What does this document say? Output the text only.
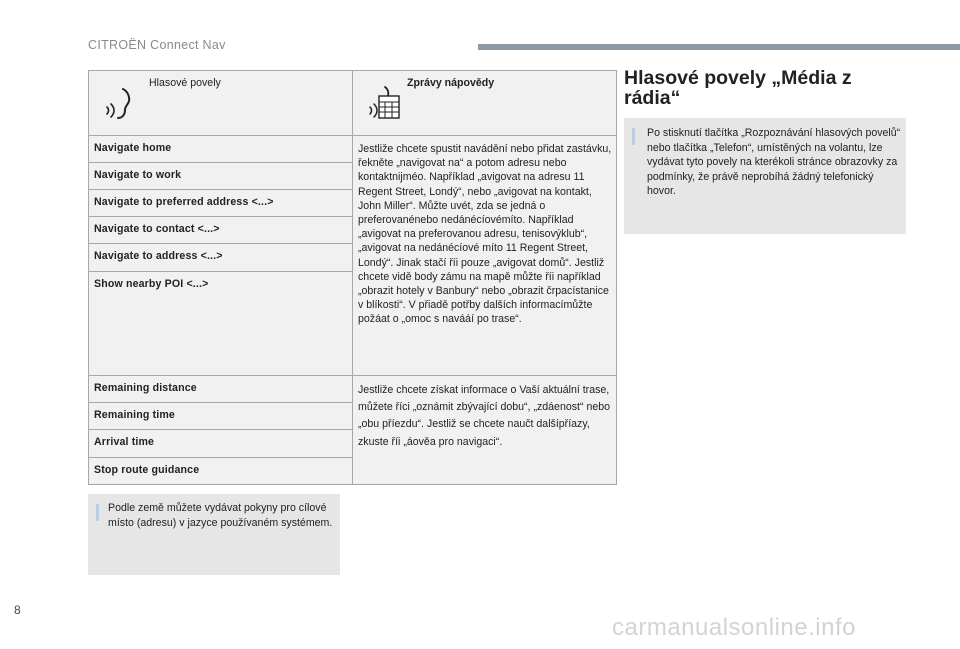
CITROËN Connect Nav
Hlasové povely	Zprávy nápovědy

Navigate home	Jestliže chcete spustit navádění nebo přidat zastávku, řekněte „navigovat na“ a potom adresu nebo kontaktnijméo. Například „avigovat na adresu 11 Regent Street, Londý“, nebo „avigovat na kontakt, John Miller“. Můžte uvét, zda se jedná o preferovanénebo nedánécíovémíto. Například „avigovat na preferovanou adresu, tenisovýklub“, „avigovat na nedánécíové míto 11 Regent Street, Londý“. Jinak stačí říi pouze „avigovat domů“. Jestliž chcete vidě body zámu na mapě můžte říi například „obrazit hotely v Banbury“ nebo „obrazit črpacístanice v blíkosti“. V přiadě potřby dalších informacímůžte požáat o „omoc s navááí po trase“.

Navigate to work	

Navigate to preferred address <...>	

Navigate to contact <...>	

Navigate to address <...>	

Show nearby POI <...>	

Remaining distance	Jestliže chcete získat informace o Vaší aktuální trase, můžete říci „oznámit zbývající dobu“, „zdáenost“ nebo „obu příezdu“. Jestliž se chcete naučt dalšípříazy, zkuste říi „áověa pro navigaci“.

Remaining time	

Arrival time	

Stop route guidance	
Podle země můžete vydávat pokyny pro cílové místo (adresu) v jazyce používaném systémem.
Hlasové povely „Média z
rádia“
Po stisknutí tlačítka „Rozpoznávání hlasových povelů“ nebo tlačítka „Telefon“, umístěných na volantu, lze vydávat tyto povely na kterékoli stránce obrazovky za podmínky, že právě neprobíhá žádný telefonický hovor.
8
carmanualsonline.info
